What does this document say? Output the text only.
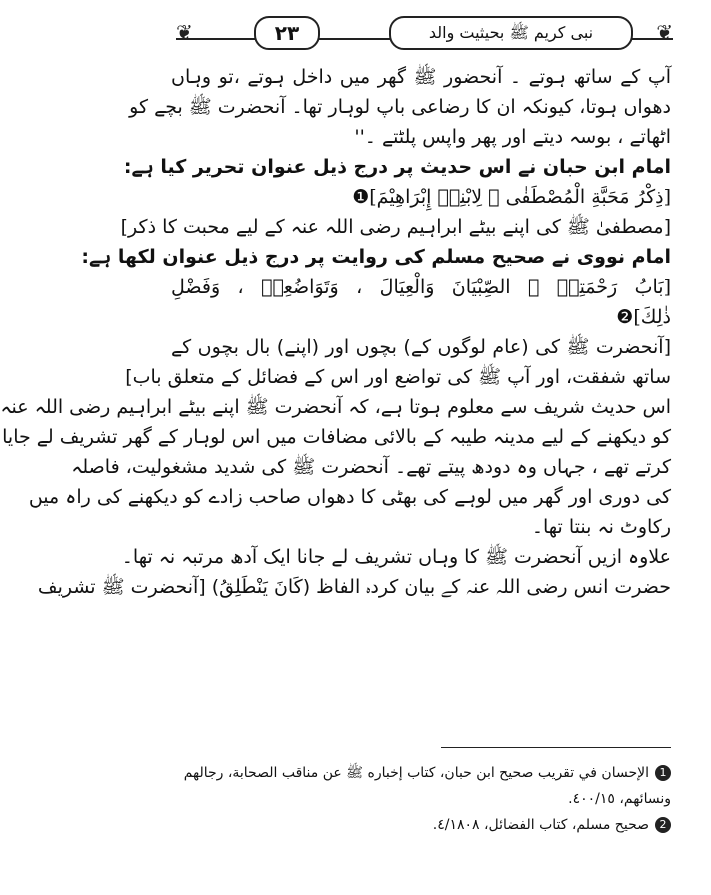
❦	❦
۲۳	نبی کریم ﷺ بحیثیت والد
آپ کے ساتھ ہوتے ۔ آنحضور ﷺ گھر میں داخل ہوتے ،تو وہاں
دھواں ہوتا، کیونکہ ان کا رضاعی باپ لوہار تھا۔ آنحضرت ﷺ بچے کو
اٹھاتے ، بوسہ دیتے اور پھر واپس پلٹتے ۔''
امام ابن حبان نے اس حدیث پر درج ذیل عنوان تحریر کیا ہے:
[ذِکْرُ مَحَبَّةِ الْمُصْطَفٰی ﷺ لِابْنِهٖ إِبْرَاهِیْمَ]❶
[مصطفیٰ ﷺ کی اپنے بیٹے ابراہیم رضی اللہ عنہ کے لیے محبت کا ذکر]
امام نووی نے صحیح مسلم کی روایت پر درج ذیل عنوان لکھا ہے:
[بَابُ رَحْمَتِهٖ ﷺ الصِّبْیَانَ وَالْعِیَالَ ، وَتَوَاضُعِهٖ ، وَفَضْلِ
ذٰلِكَ]❷
[آنحضرت ﷺ کی (عام لوگوں کے) بچوں اور (اپنے) بال بچوں کے
ساتھ شفقت، اور آپ ﷺ کی تواضع اور اس کے فضائل کے متعلق باب]
اس حدیث شریف سے معلوم ہوتا ہے، کہ آنحضرت ﷺ اپنے بیٹے ابراہیم رضی اللہ عنہ
کو دیکھنے کے لیے مدینہ طیبہ کے بالائی مضافات میں اس لوہار کے گھر تشریف لے جایا
کرتے تھے ، جہاں وہ دودھ پیتے تھے۔ آنحضرت ﷺ کی شدید مشغولیت، فاصلہ
کی دوری اور گھر میں لوہے کی بھٹی کا دھواں صاحب زادے کو دیکھنے کی راہ میں
رکاوٹ نہ بنتا تھا۔
علاوہ ازیں آنحضرت ﷺ کا وہاں تشریف لے جانا ایک آدھ مرتبہ نہ تھا۔
حضرت انس رضی اللہ عنہ کے بیان کردہ الفاظ (کَانَ یَنْطَلِقُ) [آنحضرت ﷺ تشریف
1الإحسان في تقريب صحيح ابن حبان، كتاب إخباره ﷺ عن مناقب الصحابة، رجالهم
ونسائهم، ٤٠٠/١٥.
2صحيح مسلم، كتاب الفضائل، ٤/١٨٠٨.
